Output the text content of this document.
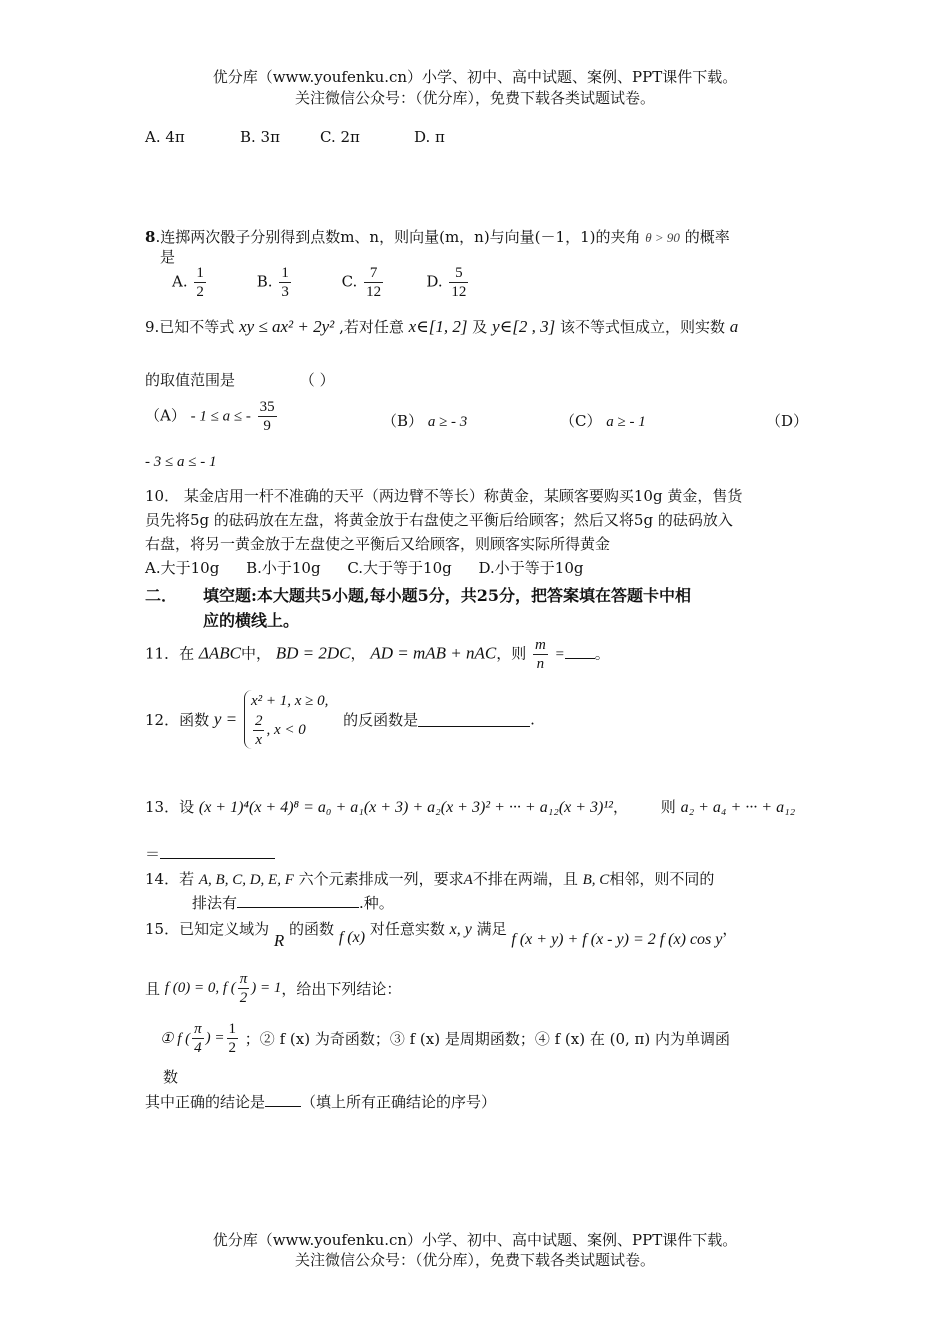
优分库（www.youfenku.cn）小学、初中、高中试题、案例、PPT课件下载。
关注微信公众号：（优分库），免费下载各类试题试卷。
A. 4π	B. 3π	C. 2π	D. π
8.连掷两次骰子分别得到点数m、n，则向量(m，n)与向量(－1，1)的夹角 θ > 90 的概率
是
A. $\frac{1}{2}$	B. $\frac{1}{3}$	C. $\frac{7}{12}$	D. $\frac{5}{12}$
9.已知不等式 xy ≤ ax² + 2y² ,若对任意 x∈[1, 2] 及 y∈[2 , 3] 该不等式恒成立，则实数 a
的取值范围是	（ ）
（A） - 1 ≤ a ≤ - $\frac{35}{9}$	（B） a ≥ - 3	（C） a ≥ - 1	（D）
- 3 ≤ a ≤ - 1
10． 某金店用一杆不准确的天平（两边臂不等长）称黄金，某顾客要购买10g 黄金，售货
员先将5g 的砝码放在左盘，将黄金放于右盘使之平衡后给顾客；然后又将5g 的砝码放入
右盘，将另一黄金放于左盘使之平衡后又给顾客，则顾客实际所得黄金
A.大于10g B.小于10g C.大于等于10g D.小于等于10g
二． 填空题:本大题共5小题,每小题5分，共25分，把答案填在答题卡中相
应的横线上。
11．在 ΔABC中， BD = 2DC， AD = mAB + nAC，则 $\frac{m}{n}$ = 。
12．函数 y =
x² + 1, x ≥ 0,
$\frac{2}{x}$ , x < 0
的反函数是	.
13．设 (x + 1)⁴(x + 4)⁸ = a₀ + a₁(x + 3) + a₂(x + 3)² + ··· + a₁₂(x + 3)¹²， 则 a₂ + a₄ + ··· + a₁₂
＝
14．若 A, B, C, D, E, F 六个元素排成一列，要求A不排在两端，且 B, C相邻，则不同的
排法有	.种。
15．已知定义域为 R 的函数 f (x) 对任意实数 x, y 满足 f (x + y) + f (x - y) = 2 f (x) cos y，
且 f (0) = 0, f ( $\frac{\pi}{2}$ ) = 1，给出下列结论：
① f ( $\frac{\pi}{4}$ ) = $\frac{1}{2}$ ；② f (x) 为奇函数；③ f (x) 是周期函数；④ f (x) 在 (0, π) 内为单调函
数
其中正确的结论是 （填上所有正确结论的序号）
优分库（www.youfenku.cn）小学、初中、高中试题、案例、PPT课件下载。
关注微信公众号：（优分库），免费下载各类试题试卷。
